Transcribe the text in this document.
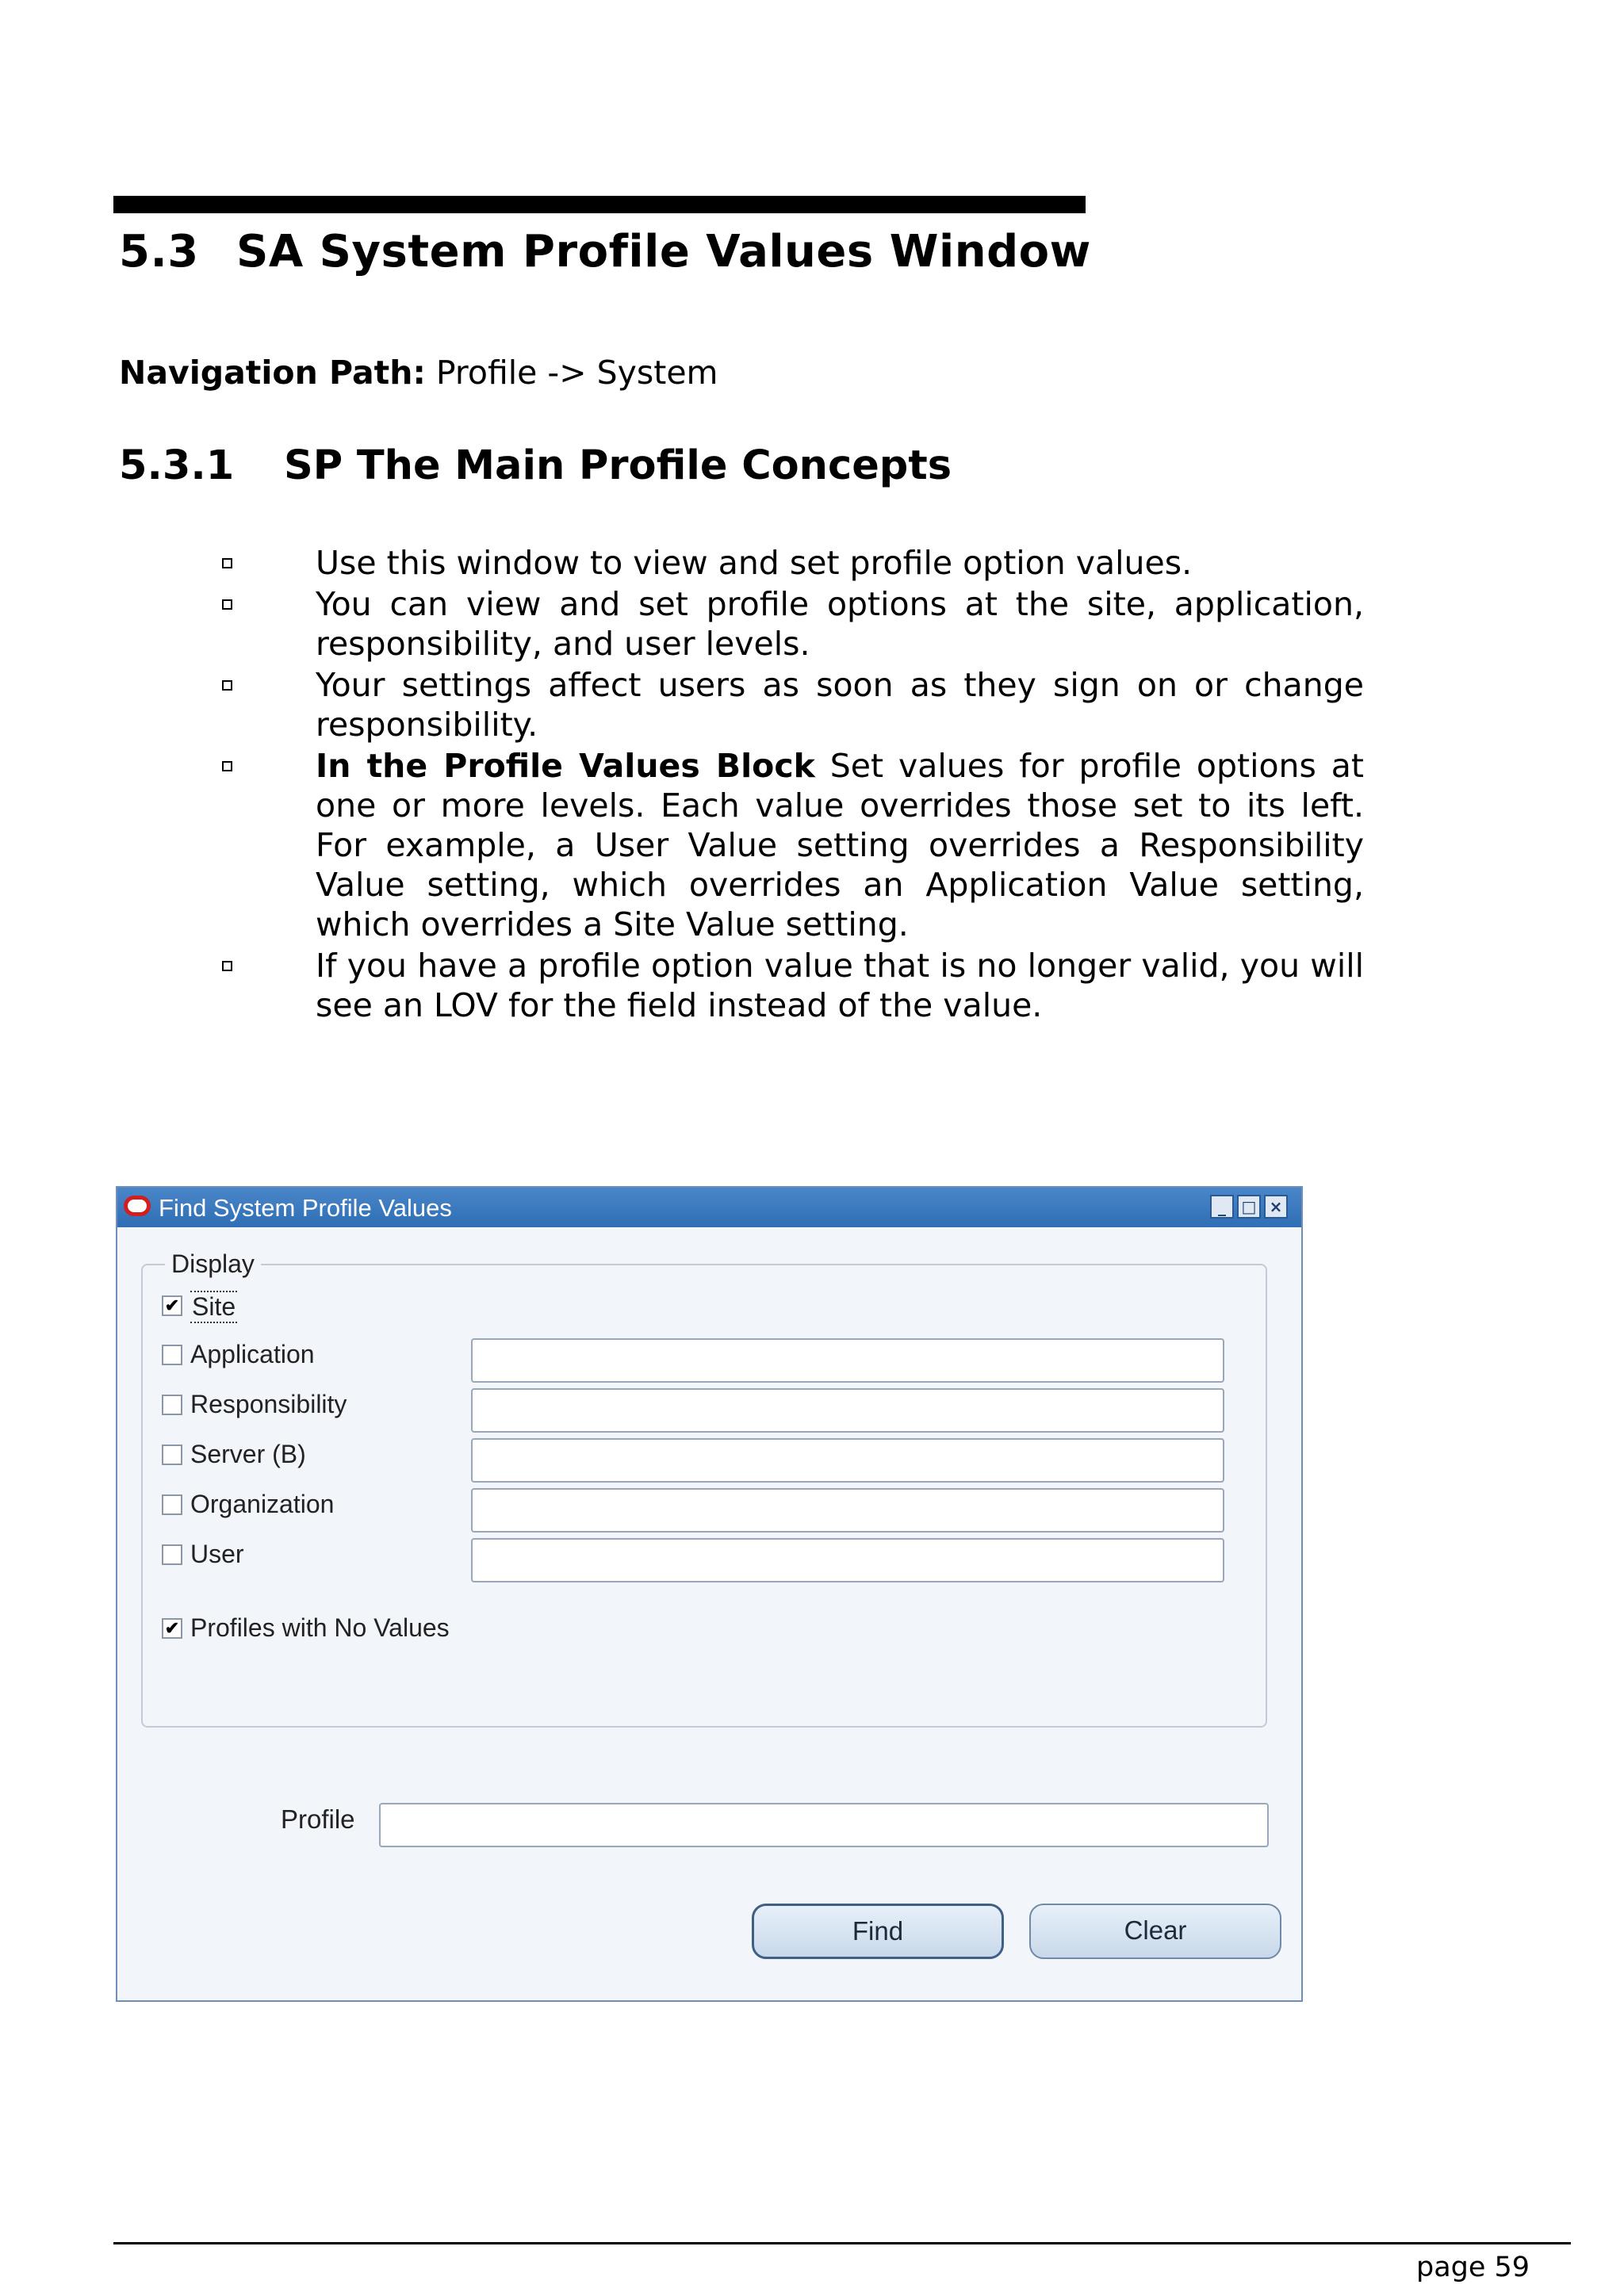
5.3 SA System Profile Values Window
Navigation Path: Profile -> System
5.3.1 SP The Main Profile Concepts
Use this window to view and set profile option values.
You can view and set profile options at the site, application, responsibility, and user levels.
Your settings affect users as soon as they sign on or change responsibility.
In the Profile Values Block Set values for profile options at one or more levels. Each value overrides those set to its left. For example, a User Value setting overrides a Responsibility Value setting, which overrides an Application Value setting, which overrides a Site Value setting.
If you have a profile option value that is no longer valid, you will see an LOV for the field instead of the value.
Find System Profile Values	_ □ ×
Display
✔ Site
Application
Responsibility
Server (B)
Organization
User
✔ Profiles with No Values
Profile
Find	Clear
page 59
